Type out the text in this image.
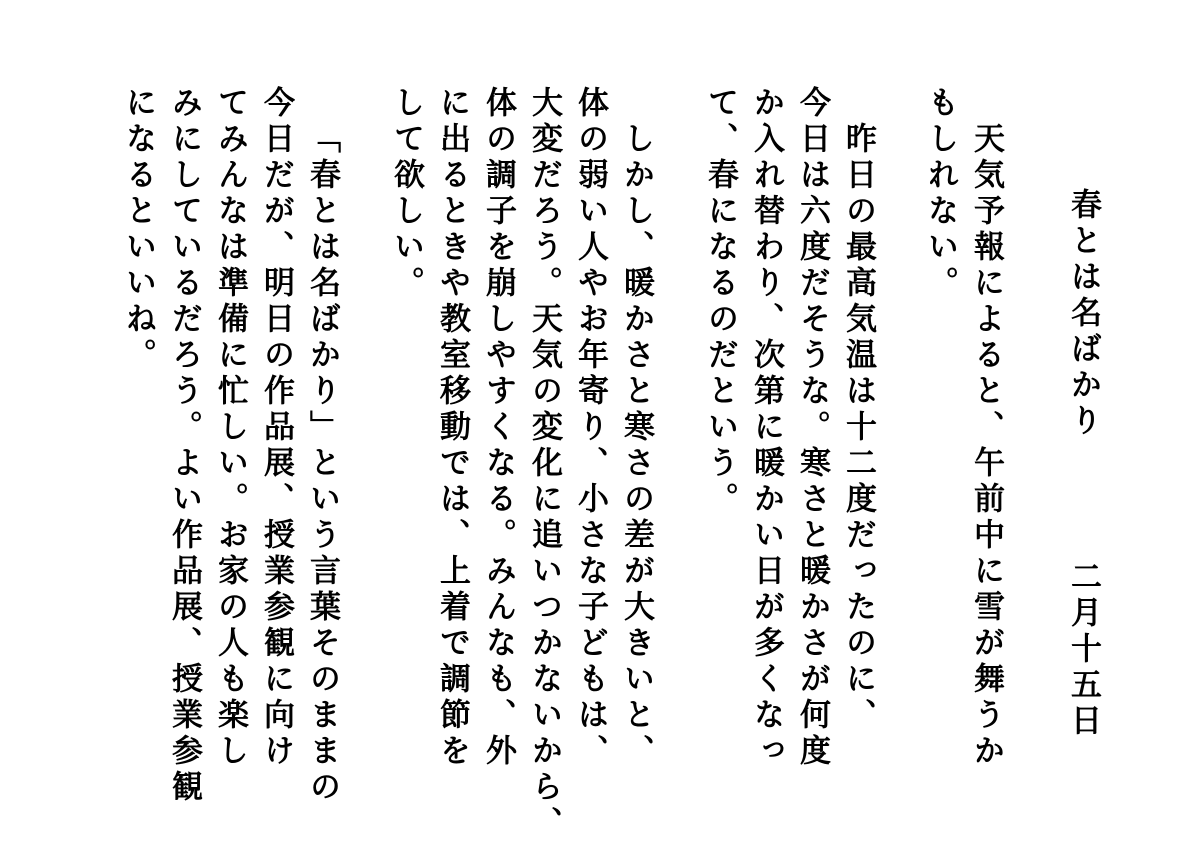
春とは名ばかり
二月十五日
天気予報によると、午前中に雪が舞うか
もしれない。
昨日の最高気温は十二度だったのに、
今日は六度だそうな。寒さと暖かさが何度
か入れ替わり、次第に暖かい日が多くなっ
て、春になるのだという。
しかし、暖かさと寒さの差が大きいと、
体の弱い人やお年寄り、小さな子どもは、
大変だろう。天気の変化に追いつかないから、
体の調子を崩しやすくなる。みんなも、外
に出るときや教室移動では、上着で調節を
して欲しい。
「春とは名ばかり」という言葉そのままの
今日だが、明日の作品展、授業参観に向け
てみんなは準備に忙しい。お家の人も楽し
みにしているだろう。よい作品展、授業参観
になるといいね。
